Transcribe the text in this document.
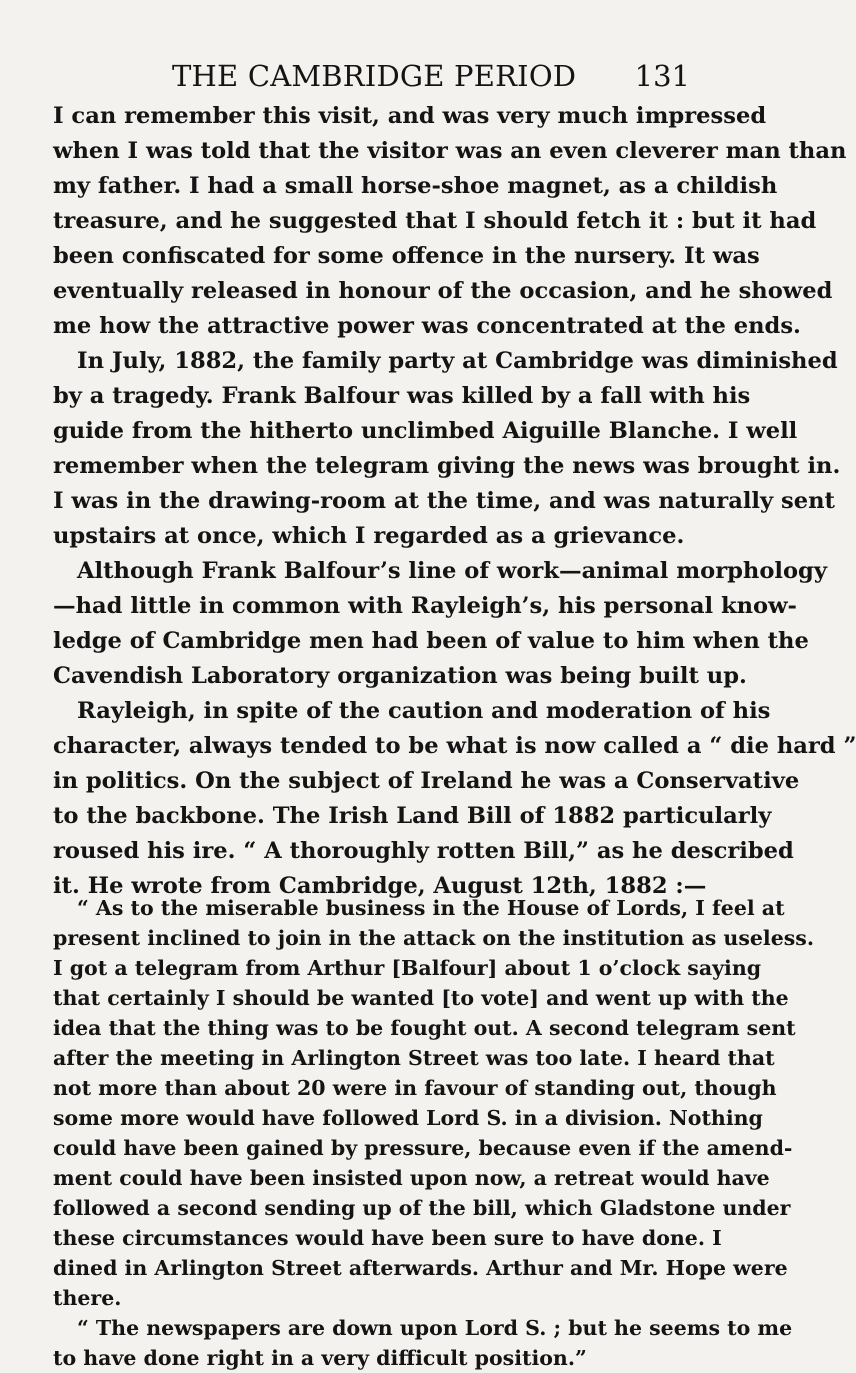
THE CAMBRIDGE PERIOD 131
I can remember this visit, and was very much impressed
when I was told that the visitor was an even cleverer man than
my father. I had a small horse-shoe magnet, as a childish
treasure, and he suggested that I should fetch it : but it had
been confiscated for some offence in the nursery. It was
eventually released in honour of the occasion, and he showed
me how the attractive power was concentrated at the ends.
In July, 1882, the family party at Cambridge was diminished
by a tragedy. Frank Balfour was killed by a fall with his
guide from the hitherto unclimbed Aiguille Blanche. I well
remember when the telegram giving the news was brought in.
I was in the drawing-room at the time, and was naturally sent
upstairs at once, which I regarded as a grievance.
Although Frank Balfour’s line of work—animal morphology
—had little in common with Rayleigh’s, his personal know-
ledge of Cambridge men had been of value to him when the
Cavendish Laboratory organization was being built up.
Rayleigh, in spite of the caution and moderation of his
character, always tended to be what is now called a “ die hard ”
in politics. On the subject of Ireland he was a Conservative
to the backbone. The Irish Land Bill of 1882 particularly
roused his ire. “ A thoroughly rotten Bill,” as he described
it. He wrote from Cambridge, August 12th, 1882 :—
“ As to the miserable business in the House of Lords, I feel at
present inclined to join in the attack on the institution as useless.
I got a telegram from Arthur [Balfour] about 1 o’clock saying
that certainly I should be wanted [to vote] and went up with the
idea that the thing was to be fought out. A second telegram sent
after the meeting in Arlington Street was too late. I heard that
not more than about 20 were in favour of standing out, though
some more would have followed Lord S. in a division. Nothing
could have been gained by pressure, because even if the amend-
ment could have been insisted upon now, a retreat would have
followed a second sending up of the bill, which Gladstone under
these circumstances would have been sure to have done. I
dined in Arlington Street afterwards. Arthur and Mr. Hope were
there.
“ The newspapers are down upon Lord S. ; but he seems to me
to have done right in a very difficult position.”
